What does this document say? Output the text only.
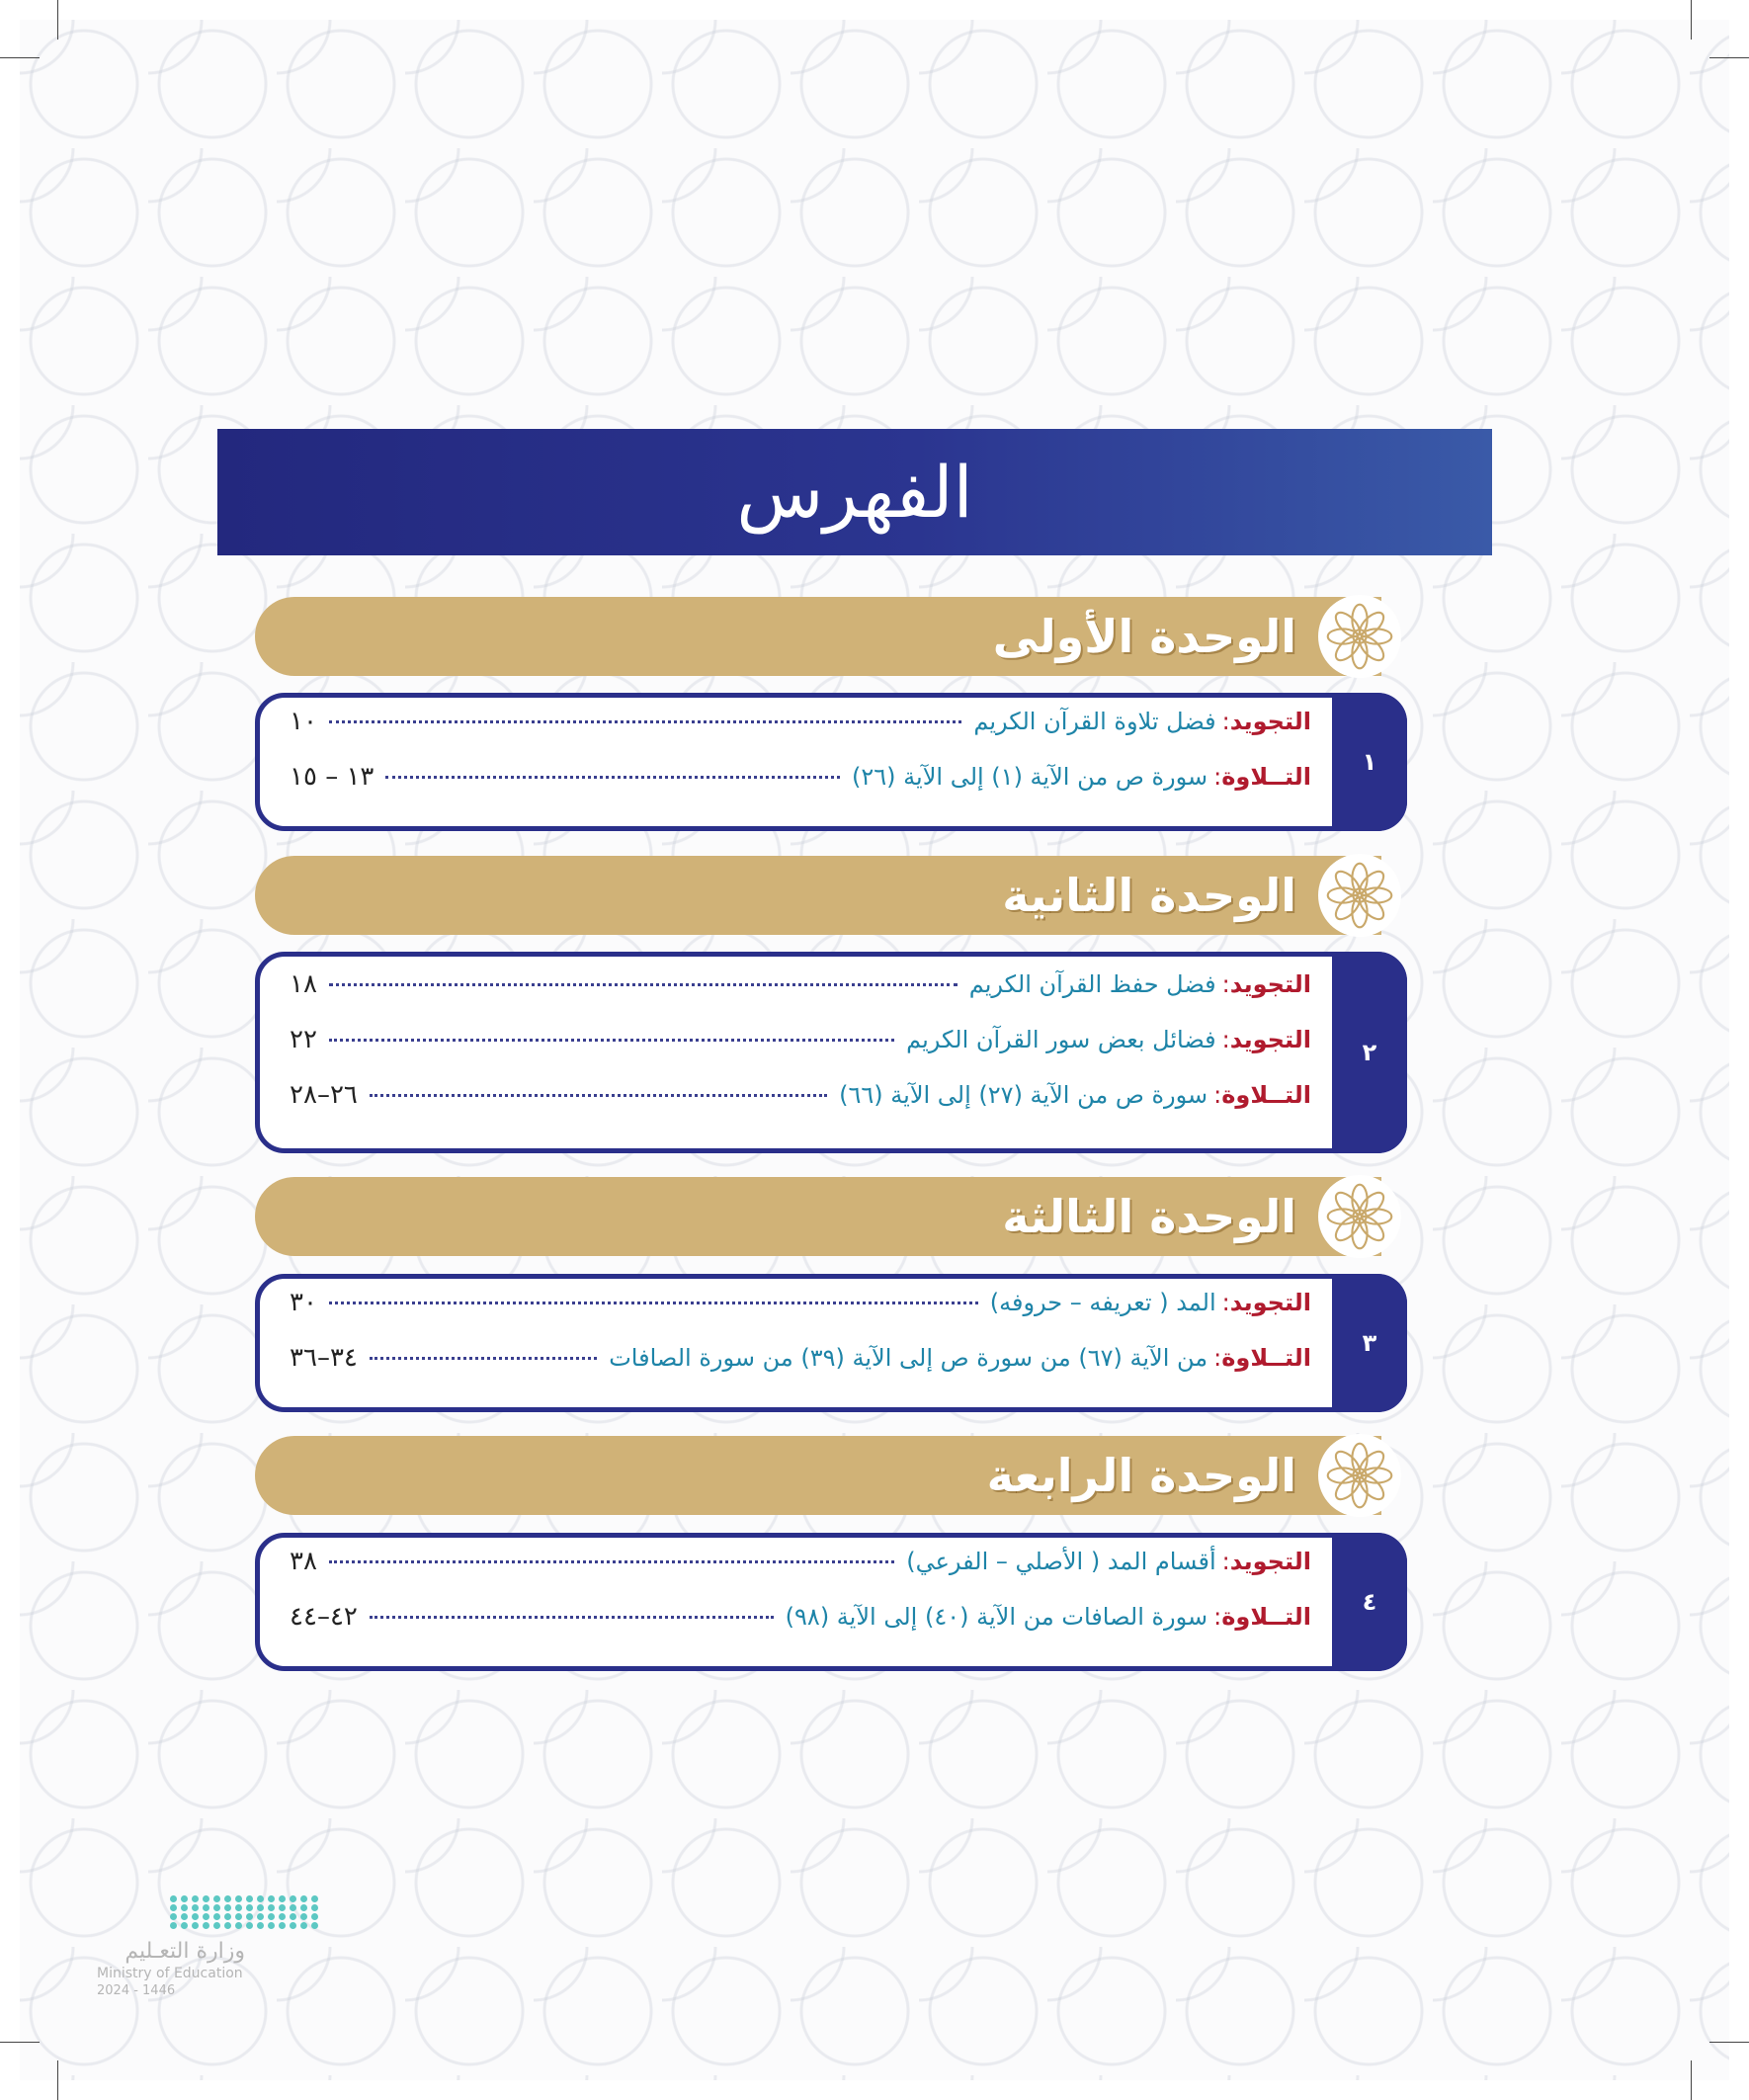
الفهرس
الوحدة الأولى
١
التجويد
:
فضل تلاوة القرآن الكريم
١٠
التــلاوة
:
سورة ص من الآية (١) إلى الآية (٢٦)
١٣ – ١٥
الوحدة الثانية
٢
التجويد
:
فضل حفظ القرآن الكريم
١٨
التجويد
:
فضائل بعض سور القرآن الكريم
٢٢
التــلاوة
:
سورة ص من الآية (٢٧) إلى الآية (٦٦)
٢٦–٢٨
الوحدة الثالثة
٣
التجويد
:
المد ( تعريفه – حروفه)
٣٠
التــلاوة
:
من الآية (٦٧) من سورة ص إلى الآية (٣٩) من سورة الصافات
٣٤–٣٦
الوحدة الرابعة
٤
التجويد
:
أقسام المد ( الأصلي – الفرعي)
٣٨
التــلاوة
:
سورة الصافات من الآية (٤٠) إلى الآية (٩٨)
٤٢–٤٤
وزارة التعـليم
Ministry of Education
2024 - 1446
